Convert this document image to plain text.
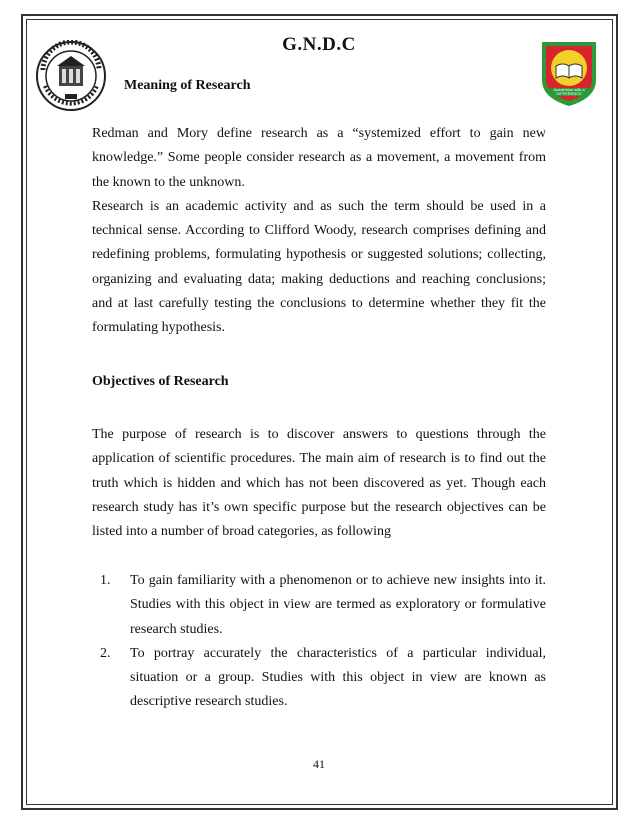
Academics with a DIFFERENCE
G.N.D.C
Meaning of Research

Redman and Mory define research as a “systemized effort to gain new knowledge.” Some people consider research as a movement, a movement from the known to the unknown.

Research is an academic activity and as such the term should be used in a technical sense. According to Clifford Woody, research comprises defining and redefining problems, formulating hypothesis or suggested solutions; collecting, organizing and evaluating data; making deductions and reaching conclusions; and at last carefully testing the conclusions to determine whether they fit the formulating hypothesis.

Objectives of Research
The purpose of research is to discover answers to questions through the application of scientific procedures. The main aim of research is to find out the truth which is hidden and which has not been discovered as yet. Though each research study has it’s own specific purpose but the research objectives can be listed into a number of broad categories, as following
1. To gain familiarity with a phenomenon or to achieve new insights into it. Studies with this object in view are termed as exploratory or formulative research studies.
2. To portray accurately the characteristics of a particular individual, situation or a group. Studies with this object in view are known as descriptive research studies.
41
